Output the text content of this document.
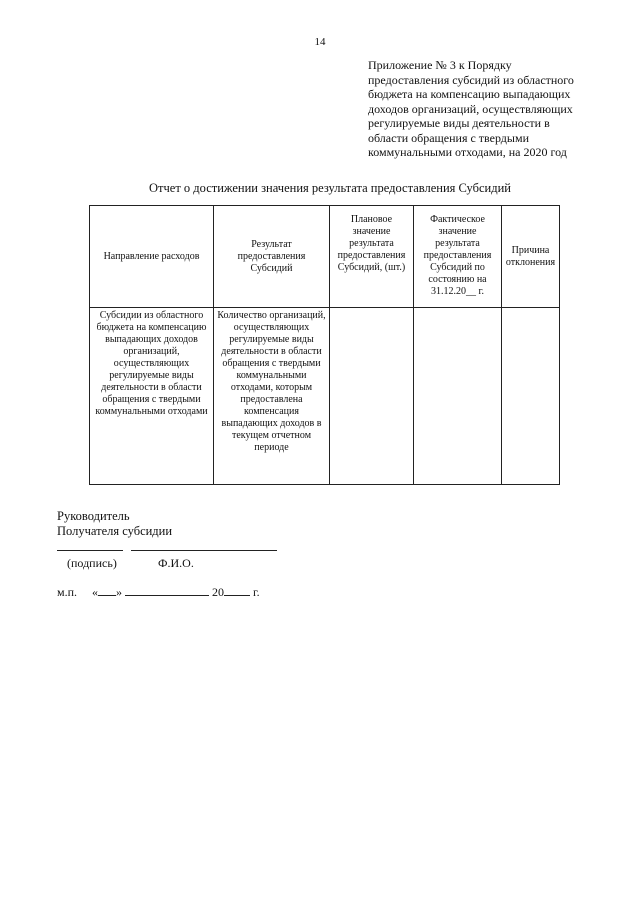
14
Приложение № 3 к Порядку
предоставления субсидий из областного
бюджета на компенсацию выпадающих
доходов организаций, осуществляющих
регулируемые виды деятельности в
области обращения с твердыми
коммунальными отходами, на 2020 год
Отчет о достижении значения результата предоставления Субсидий
Направление расходов	Результат предоставления Субсидий	Плановое значение результата предоставления Субсидий, (шт.)	Фактическое значение результата предоставления Субсидий по состоянию на 31.12.20__ г.	Причина отклонения
Субсидии из областного бюджета на компенсацию выпадающих доходов организаций, осуществляющих регулируемые виды деятельности в области обращения с твердыми коммунальными отходами	Количество организаций, осуществляющих регулируемые виды деятельности в области обращения с твердыми коммунальными отходами, которым предоставлена компенсация выпадающих доходов в текущем отчетном периоде			
Руководитель
Получателя субсидии
(подпись)	Ф.И.О.
м.п. « »	20 г.
